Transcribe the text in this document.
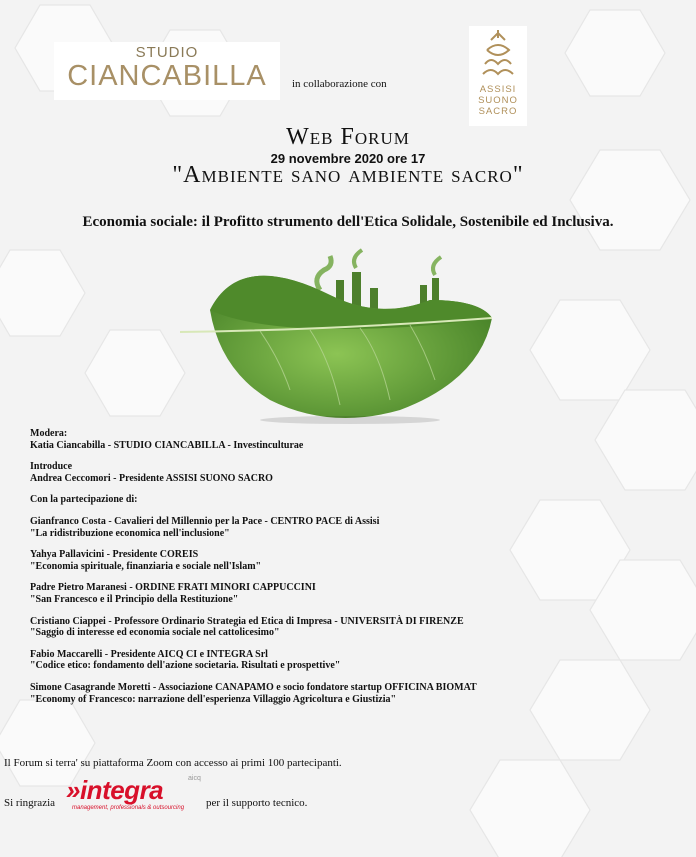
STUDIO
CIANCABILLA	in collaborazione con	ASSISI
SUONO
SACRO
Web Forum
29 novembre 2020 ore 17
"Ambiente sano ambiente sacro"
Economia sociale: il Profitto strumento dell'Etica Solidale, Sostenibile ed Inclusiva.
Modera:
Katia Ciancabilla - STUDIO CIANCABILLA - Investinculturae
Introduce
Andrea Ceccomori - Presidente ASSISI SUONO SACRO
Con la partecipazione di:
Gianfranco Costa - Cavalieri del Millennio per la Pace - CENTRO PACE di Assisi
"La ridistribuzione economica nell'inclusione"
Yahya Pallavicini - Presidente COREIS
"Economia spirituale, finanziaria e sociale nell'Islam"
Padre Pietro Maranesi - ORDINE FRATI MINORI CAPPUCCINI
"San Francesco e il Principio della Restituzione"
Cristiano Ciappei - Professore Ordinario Strategia ed Etica di Impresa - UNIVERSITÀ DI FIRENZE
"Saggio di interesse ed economia sociale nel cattolicesimo"
Fabio Maccarelli - Presidente AICQ CI e INTEGRA Srl
"Codice etico: fondamento dell'azione societaria. Risultati e prospettive"
Simone Casagrande Moretti - Associazione CANAPAMO e socio fondatore startup OFFICINA BIOMAT
"Economy of Francesco: narrazione dell'esperienza Villaggio Agricoltura e Giustizia"
Il Forum si terra' su piattaforma Zoom con accesso ai primi 100 partecipanti.
Si ringrazia »integra	aicq
management, professionals & outsourcing per il supporto tecnico.
